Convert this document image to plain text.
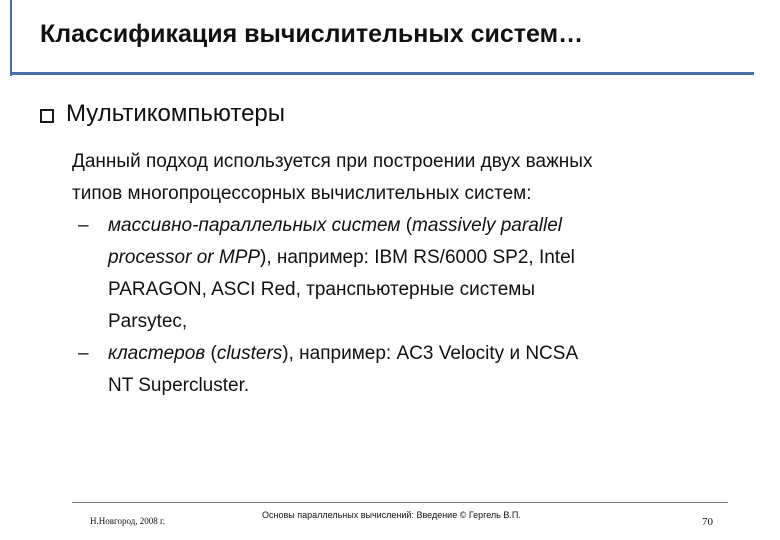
Классификация вычислительных систем…
Мультикомпьютеры
Данный подход используется при построении двух важных
типов многопроцессорных вычислительных систем:
– массивно-параллельных систем (massively parallel
processor or MPP), например: IBM RS/6000 SP2, Intel
PARAGON, ASCI Red, транспьютерные системы
Parsytec,
– кластеров (clusters), например: AC3 Velocity и NCSA
NT Supercluster.
Н.Новгород, 2008 г.
Основы параллельных вычислений: Введение © Гергель В.П.
70
